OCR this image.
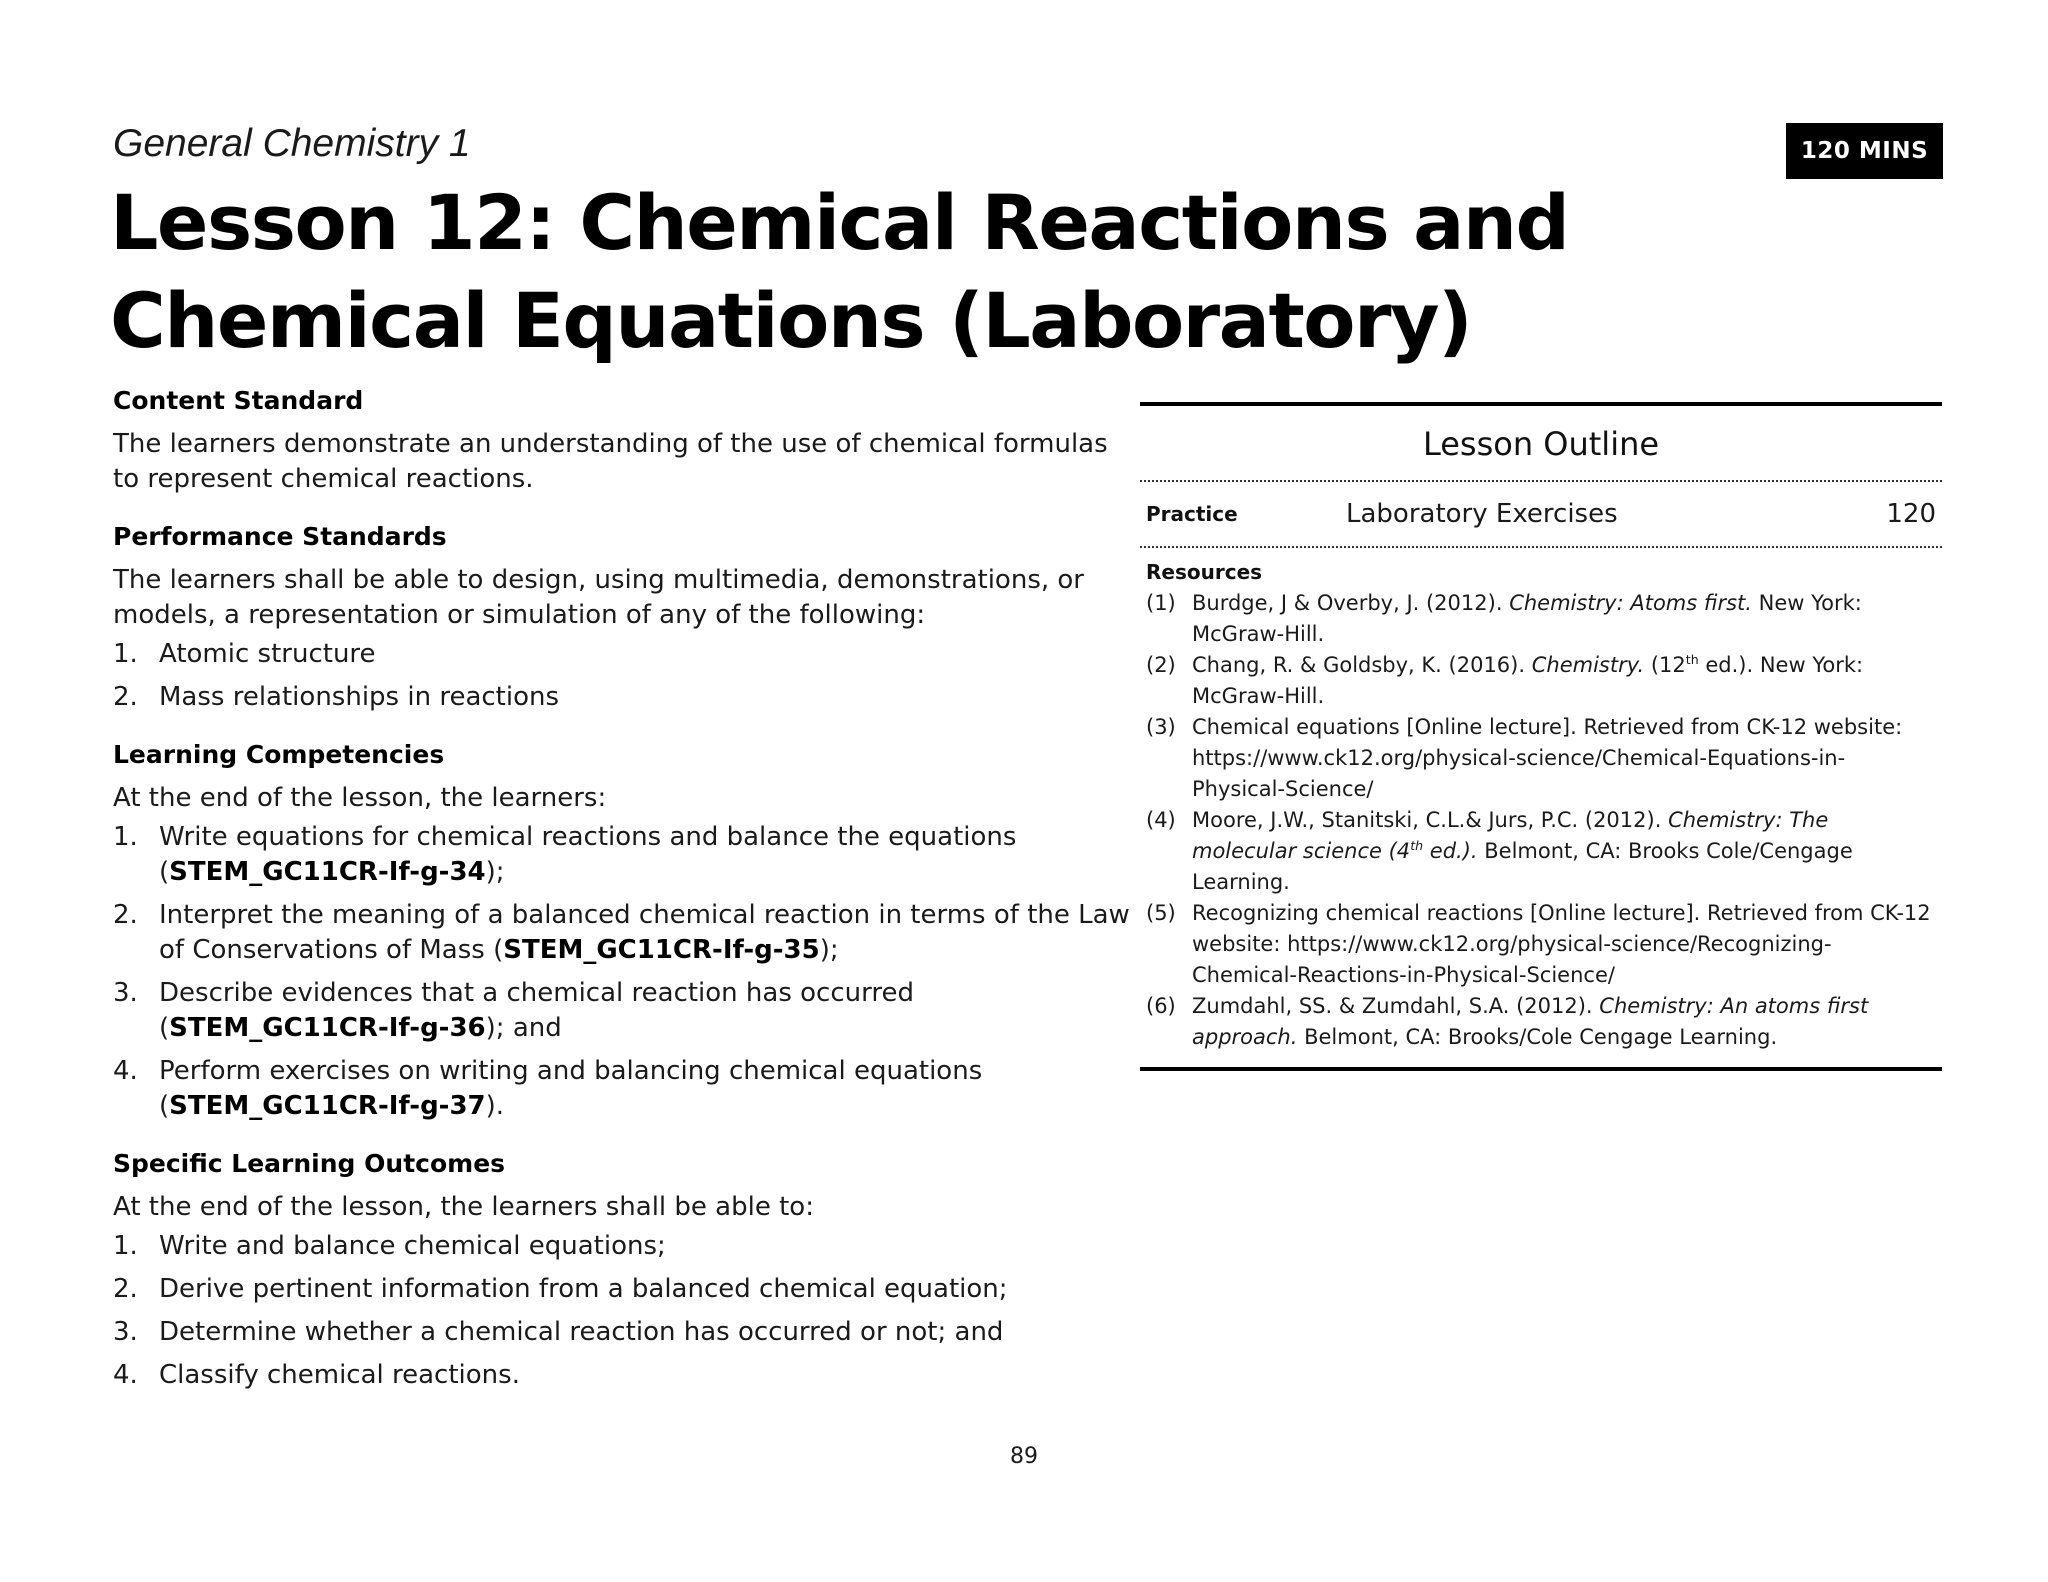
General Chemistry 1	120 MINS
Lesson 12: Chemical Reactions and Chemical Equations (Laboratory)
Content Standard

The learners demonstrate an understanding of the use of chemical formulas to represent chemical reactions.

Performance Standards

The learners shall be able to design, using multimedia, demonstrations, or models, a representation or simulation of any of the following:

1. Atomic structure
2. Mass relationships in reactions
Learning Competencies

At the end of the lesson, the learners:

1. Write equations for chemical reactions and balance the equations (STEM_GC11CR-If-g-34);
2. Interpret the meaning of a balanced chemical reaction in terms of the Law of Conservations of Mass (STEM_GC11CR-If-g-35);
3. Describe evidences that a chemical reaction has occurred (STEM_GC11CR-If-g-36); and
4. Perform exercises on writing and balancing chemical equations (STEM_GC11CR-If-g-37).
Specific Learning Outcomes

At the end of the lesson, the learners shall be able to:

1. Write and balance chemical equations;
2. Derive pertinent information from a balanced chemical equation;
3. Determine whether a chemical reaction has occurred or not; and
4. Classify chemical reactions.
Lesson Outline
Practice	Laboratory Exercises	120
Resources
(1) Burdge, J & Overby, J. (2012). Chemistry: Atoms first. New York: McGraw-Hill.
(2) Chang, R. & Goldsby, K. (2016). Chemistry. (12th ed.). New York: McGraw-Hill.
(3) Chemical equations [Online lecture]. Retrieved from CK-12 website: https://www.ck12.org/physical-science/Chemical-Equations-in-Physical-Science/
(4) Moore, J.W., Stanitski, C.L.& Jurs, P.C. (2012). Chemistry: The molecular science (4th ed.). Belmont, CA: Brooks Cole/Cengage Learning.
(5) Recognizing chemical reactions [Online lecture]. Retrieved from CK-12 website: https://www.ck12.org/physical-science/Recognizing-Chemical-Reactions-in-Physical-Science/
(6) Zumdahl, SS. & Zumdahl, S.A. (2012). Chemistry: An atoms first approach. Belmont, CA: Brooks/Cole Cengage Learning.
89
